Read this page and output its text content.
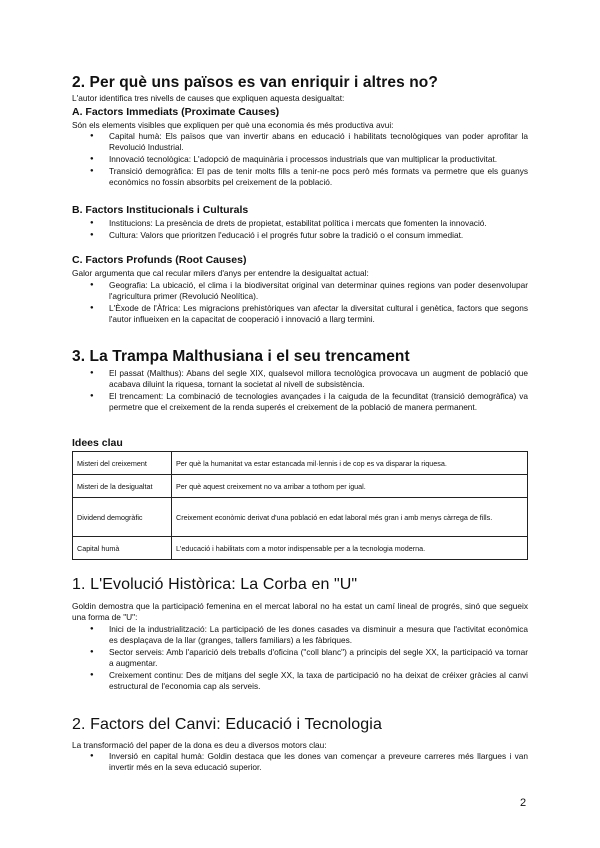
2. Per què uns països es van enriquir i altres no?

L'autor identifica tres nivells de causes que expliquen aquesta desigualtat:

A. Factors Immediats (Proximate Causes)

Són els elements visibles que expliquen per què una economia és més productiva avui:

● Capital humà: Els països que van invertir abans en educació i habilitats tecnològiques van poder aprofitar la Revolució Industrial.
● Innovació tecnològica: L'adopció de maquinària i processos industrials que van multiplicar la productivitat.
● Transició demogràfica: El pas de tenir molts fills a tenir-ne pocs però més formats va permetre que els guanys econòmics no fossin absorbits pel creixement de la població.
B. Factors Institucionals i Culturals
● Institucions: La presència de drets de propietat, estabilitat política i mercats que fomenten la innovació.
● Cultura: Valors que prioritzen l'educació i el progrés futur sobre la tradició o el consum immediat.
C. Factors Profunds (Root Causes)

Galor argumenta que cal recular milers d'anys per entendre la desigualtat actual:

● Geografia: La ubicació, el clima i la biodiversitat original van determinar quines regions van poder desenvolupar l'agricultura primer (Revolució Neolítica).
● L'Èxode de l'Àfrica: Les migracions prehistòriques van afectar la diversitat cultural i genètica, factors que segons l'autor influeixen en la capacitat de cooperació i innovació a llarg termini.
3. La Trampa Malthusiana i el seu trencament
● El passat (Malthus): Abans del segle XIX, qualsevol millora tecnològica provocava un augment de població que acabava diluint la riquesa, tornant la societat al nivell de subsistència.
● El trencament: La combinació de tecnologies avançades i la caiguda de la fecunditat (transició demogràfica) va permetre que el creixement de la renda superés el creixement de la població de manera permanent.
Idees clau
Misteri del creixement	Per què la humanitat va estar estancada mil·lennis i de cop es va disparar la riquesa.
Misteri de la desigualtat	Per què aquest creixement no va arribar a tothom per igual.
Dividend demogràfic	Creixement econòmic derivat d'una població en edat laboral més gran i amb menys càrrega de fills.
Capital humà	L'educació i habilitats com a motor indispensable per a la tecnologia moderna.
1. L'Evolució Històrica: La Corba en "U"

Goldin demostra que la participació femenina en el mercat laboral no ha estat un camí lineal de progrés, sinó que segueix una forma de "U":

● Inici de la industrialització: La participació de les dones casades va disminuir a mesura que l'activitat econòmica es desplaçava de la llar (granges, tallers familiars) a les fàbriques.
● Sector serveis: Amb l'aparició dels treballs d'oficina ("coll blanc") a principis del segle XX, la participació va tornar a augmentar.
● Creixement continu: Des de mitjans del segle XX, la taxa de participació no ha deixat de créixer gràcies al canvi estructural de l'economia cap als serveis.
2. Factors del Canvi: Educació i Tecnologia

La transformació del paper de la dona es deu a diversos motors clau:

● Inversió en capital humà: Goldin destaca que les dones van començar a preveure carreres més llargues i van invertir més en la seva educació superior.
2
